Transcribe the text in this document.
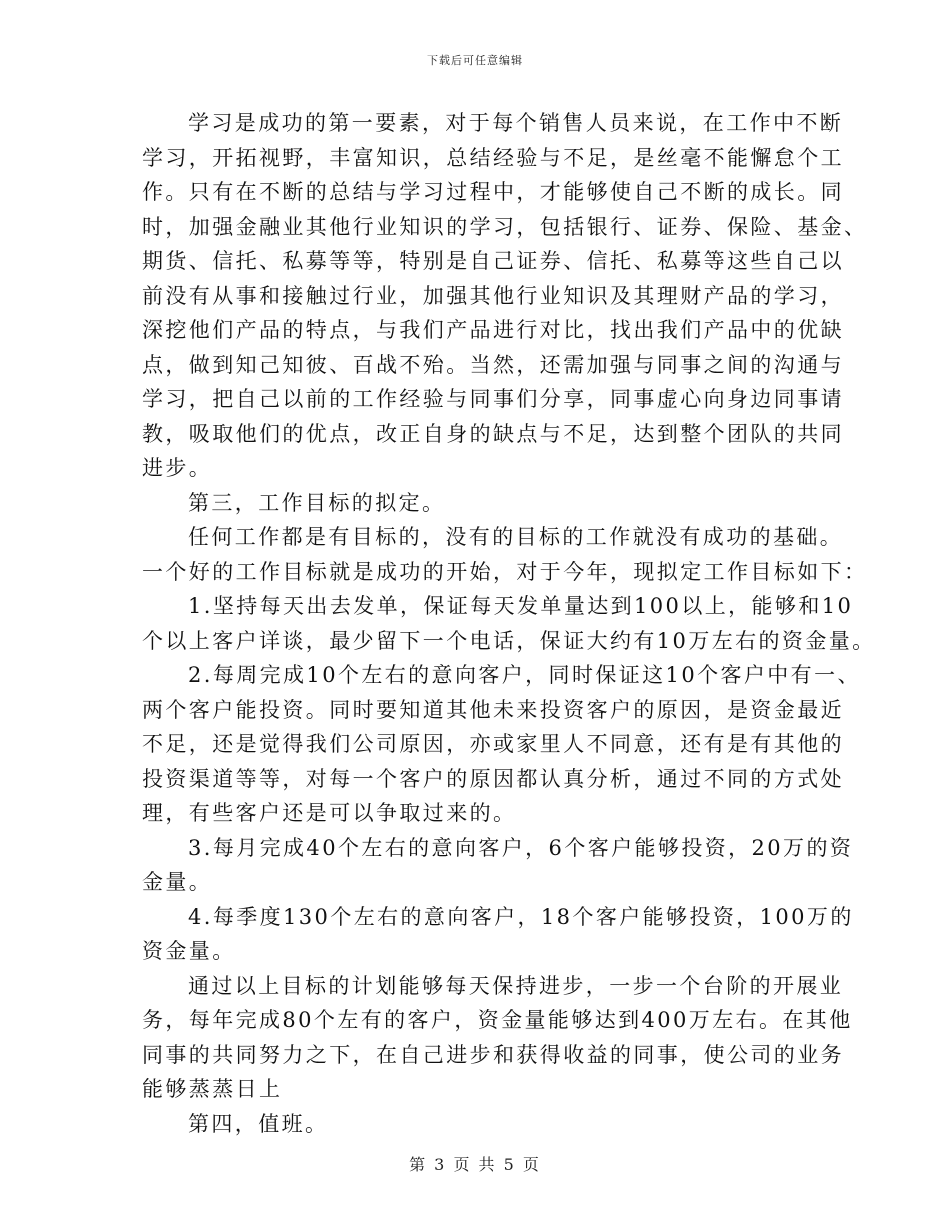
下载后可任意编辑
学习是成功的第一要素，对于每个销售人员来说，在工作中不断
学习，开拓视野，丰富知识，总结经验与不足，是丝毫不能懈怠个工
作。只有在不断的总结与学习过程中，才能够使自己不断的成长。同
时，加强金融业其他行业知识的学习，包括银行、证券、保险、基金、
期货、信托、私募等等，特别是自己证券、信托、私募等这些自己以
前没有从事和接触过行业，加强其他行业知识及其理财产品的学习，
深挖他们产品的特点，与我们产品进行对比，找出我们产品中的优缺
点，做到知己知彼、百战不殆。当然，还需加强与同事之间的沟通与
学习，把自己以前的工作经验与同事们分享，同事虚心向身边同事请
教，吸取他们的优点，改正自身的缺点与不足，达到整个团队的共同
进步。
第三，工作目标的拟定。
任何工作都是有目标的，没有的目标的工作就没有成功的基础。
一个好的工作目标就是成功的开始，对于今年，现拟定工作目标如下：
1.坚持每天出去发单，保证每天发单量达到100以上，能够和10
个以上客户详谈，最少留下一个电话，保证大约有10万左右的资金量。
2.每周完成10个左右的意向客户，同时保证这10个客户中有一、
两个客户能投资。同时要知道其他未来投资客户的原因，是资金最近
不足，还是觉得我们公司原因，亦或家里人不同意，还有是有其他的
投资渠道等等，对每一个客户的原因都认真分析，通过不同的方式处
理，有些客户还是可以争取过来的。
3.每月完成40个左右的意向客户，6个客户能够投资，20万的资
金量。
4.每季度130个左右的意向客户，18个客户能够投资，100万的
资金量。
通过以上目标的计划能够每天保持进步，一步一个台阶的开展业
务，每年完成80个左有的客户，资金量能够达到400万左右。在其他
同事的共同努力之下，在自己进步和获得收益的同事，使公司的业务
能够蒸蒸日上
第四，值班。
第 3 页 共 5 页
